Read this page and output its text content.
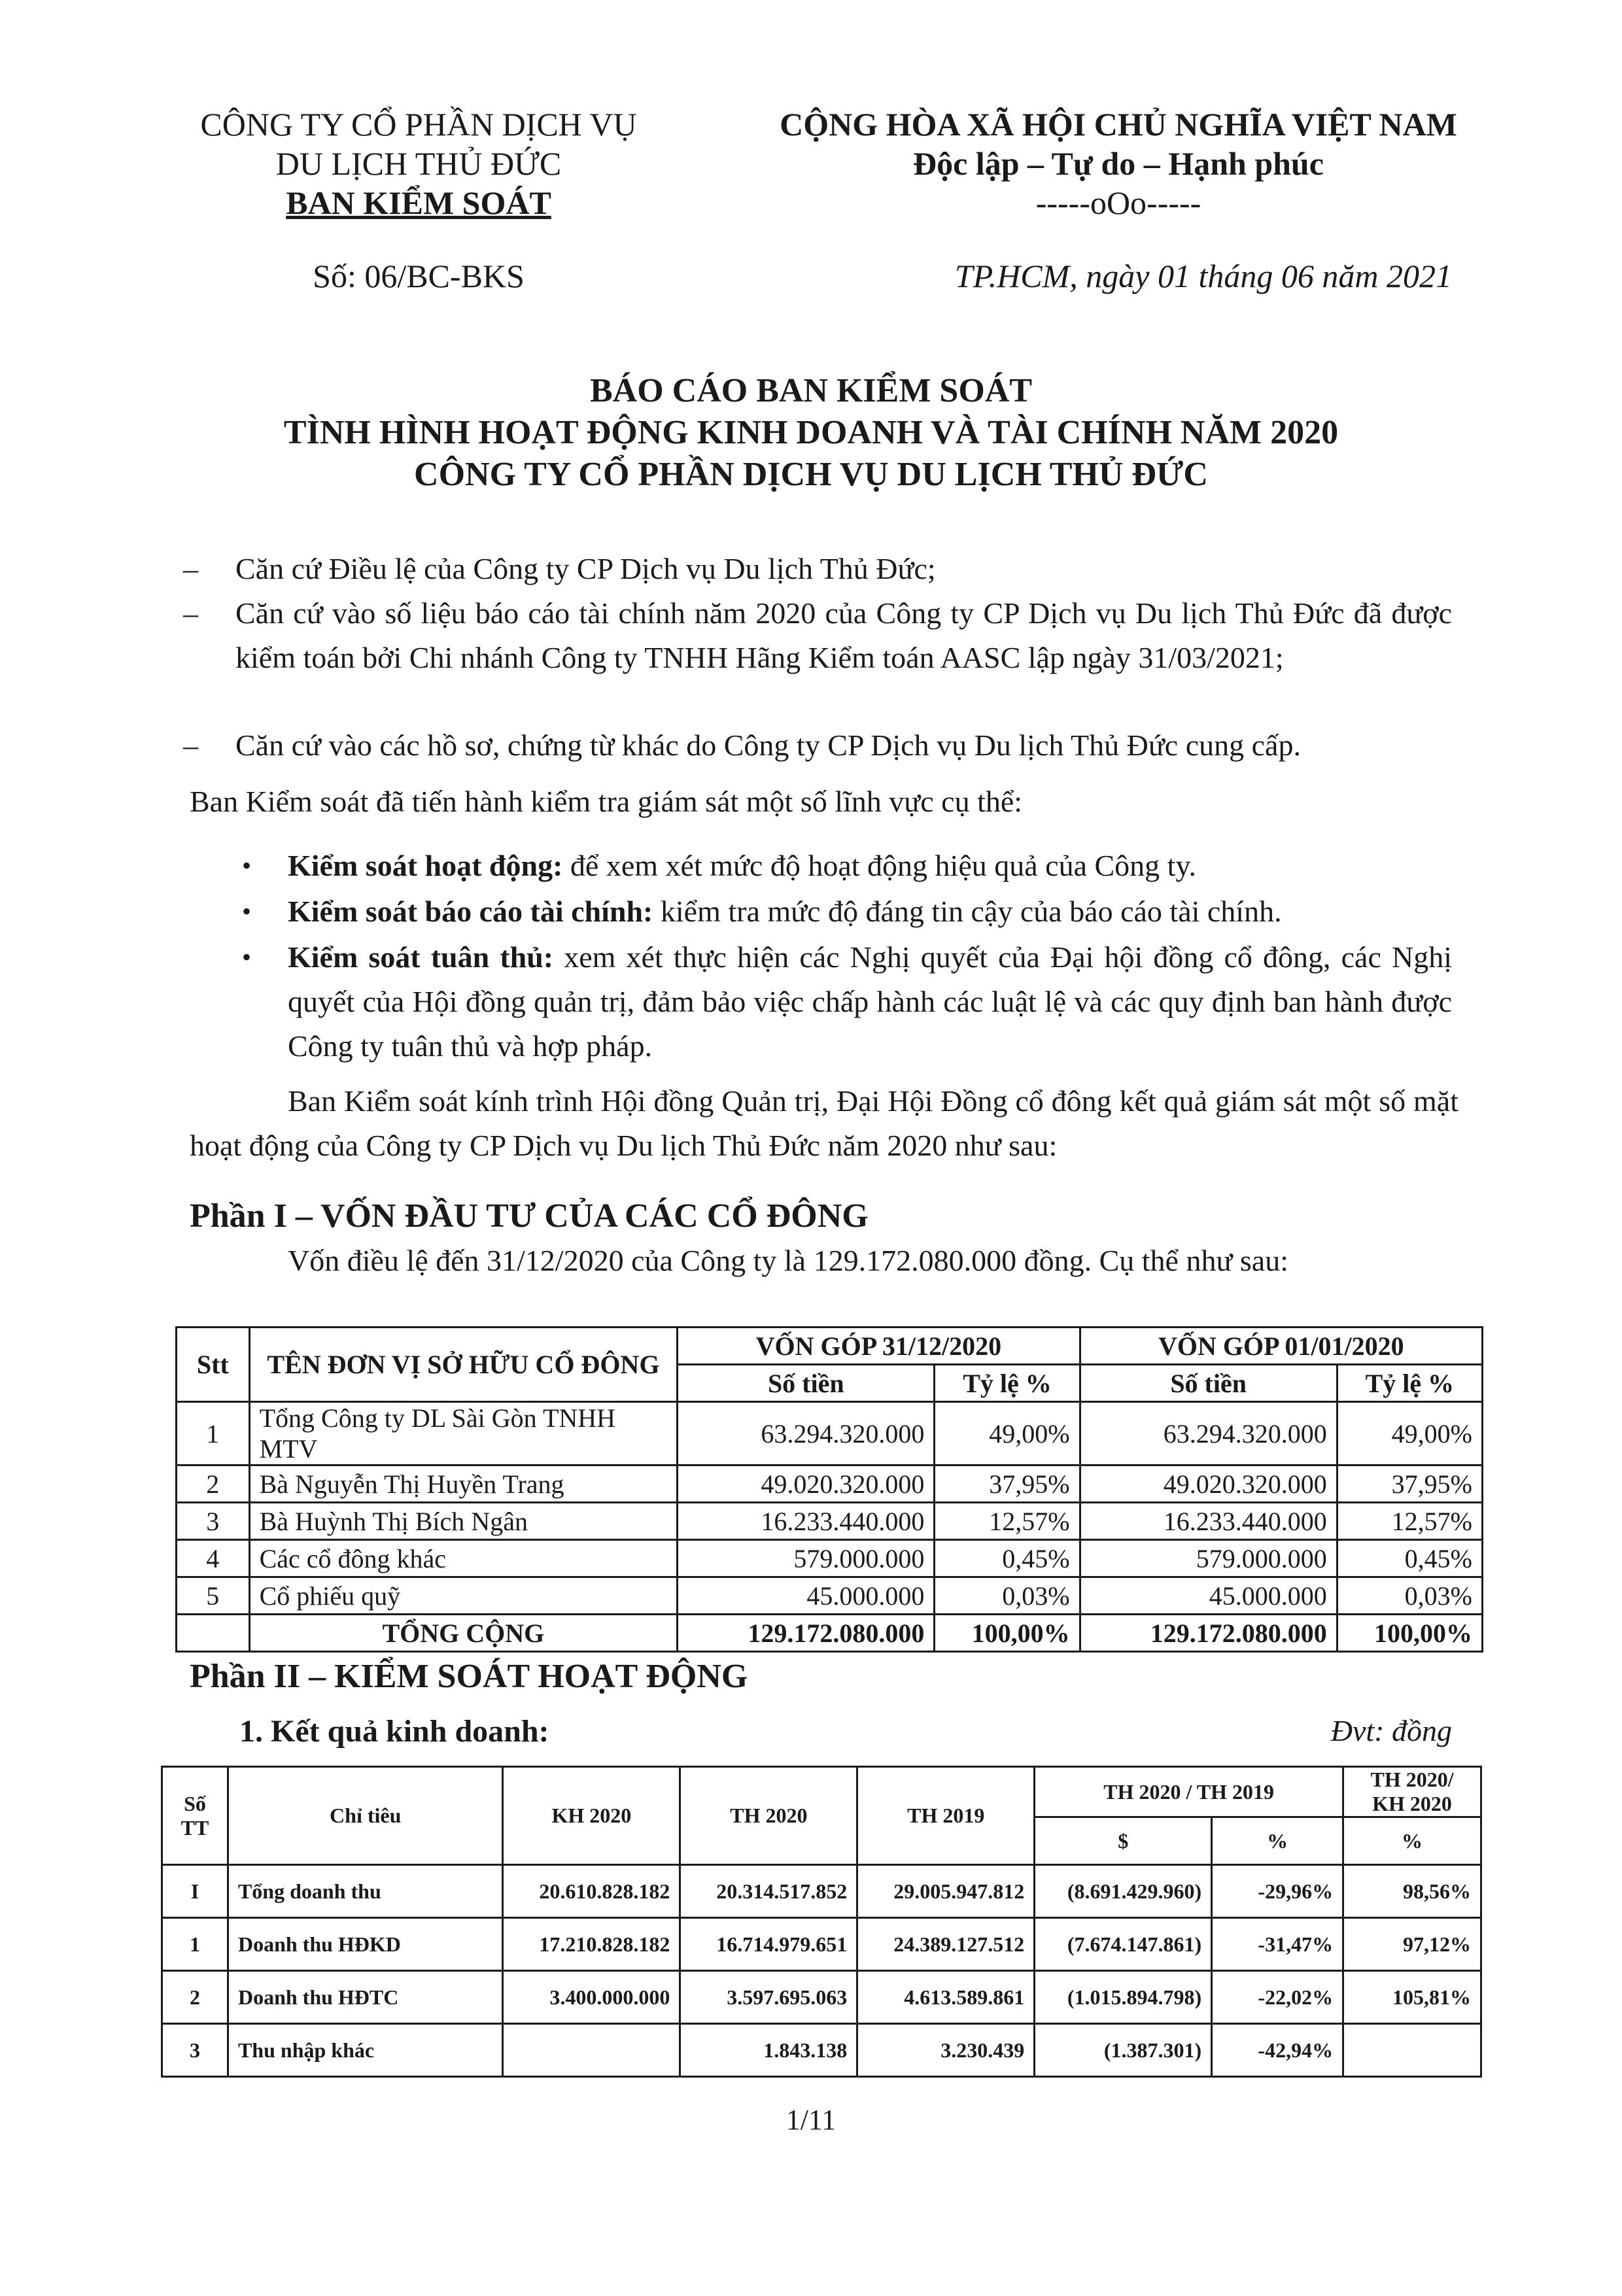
CÔNG TY CỔ PHẦN DỊCH VỤ
DU LỊCH THỦ ĐỨC
BAN KIỂM SOÁT
CỘNG HÒA XÃ HỘI CHỦ NGHĨA VIỆT NAM
Độc lập – Tự do – Hạnh phúc
-----oOo-----
Số: 06/BC-BKS	TP.HCM, ngày 01 tháng 06 năm 2021
BÁO CÁO BAN KIỂM SOÁT
TÌNH HÌNH HOẠT ĐỘNG KINH DOANH VÀ TÀI CHÍNH NĂM 2020
CÔNG TY CỔ PHẦN DỊCH VỤ DU LỊCH THỦ ĐỨC
– Căn cứ Điều lệ của Công ty CP Dịch vụ Du lịch Thủ Đức;
– Căn cứ vào số liệu báo cáo tài chính năm 2020 của Công ty CP Dịch vụ Du lịch Thủ Đức đã được kiểm toán bởi Chi nhánh Công ty TNHH Hãng Kiểm toán AASC lập ngày 31/03/2021;
– Căn cứ vào các hồ sơ, chứng từ khác do Công ty CP Dịch vụ Du lịch Thủ Đức cung cấp.
Ban Kiểm soát đã tiến hành kiểm tra giám sát một số lĩnh vực cụ thể:
• Kiểm soát hoạt động: để xem xét mức độ hoạt động hiệu quả của Công ty.
• Kiểm soát báo cáo tài chính: kiểm tra mức độ đáng tin cậy của báo cáo tài chính.
• Kiểm soát tuân thủ: xem xét thực hiện các Nghị quyết của Đại hội đồng cổ đông, các Nghị quyết của Hội đồng quản trị, đảm bảo việc chấp hành các luật lệ và các quy định ban hành được Công ty tuân thủ và hợp pháp.
Ban Kiểm soát kính trình Hội đồng Quản trị, Đại Hội Đồng cổ đông kết quả giám sát một số mặt hoạt động của Công ty CP Dịch vụ Du lịch Thủ Đức năm 2020 như sau:
Phần I – VỐN ĐẦU TƯ CỦA CÁC CỔ ĐÔNG
Vốn điều lệ đến 31/12/2020 của Công ty là 129.172.080.000 đồng. Cụ thể như sau:
Stt	TÊN ĐƠN VỊ SỞ HỮU CỔ ĐÔNG	VỐN GÓP 31/12/2020		VỐN GÓP 01/01/2020	
		Số tiền	Tỷ lệ %	Số tiền	Tỷ lệ %
1	Tổng Công ty DL Sài Gòn TNHH MTV	63.294.320.000	49,00%	63.294.320.000	49,00%
2	Bà Nguyễn Thị Huyền Trang	49.020.320.000	37,95%	49.020.320.000	37,95%
3	Bà Huỳnh Thị Bích Ngân	16.233.440.000	12,57%	16.233.440.000	12,57%
4	Các cổ đông khác	579.000.000	0,45%	579.000.000	0,45%
5	Cổ phiếu quỹ	45.000.000	0,03%	45.000.000	0,03%
	TỔNG CỘNG	129.172.080.000	100,00%	129.172.080.000	100,00%
Phần II – KIỂM SOÁT HOẠT ĐỘNG
1. Kết quả kinh doanh:	Đvt: đồng
Số TT	Chỉ tiêu	KH 2020	TH 2020	TH 2019	TH 2020 / TH 2019		TH 2020/ KH 2020
					$	%	%
I	Tổng doanh thu	20.610.828.182	20.314.517.852	29.005.947.812	(8.691.429.960)	-29,96%	98,56%
1	Doanh thu HĐKD	17.210.828.182	16.714.979.651	24.389.127.512	(7.674.147.861)	-31,47%	97,12%
2	Doanh thu HĐTC	3.400.000.000	3.597.695.063	4.613.589.861	(1.015.894.798)	-22,02%	105,81%
3	Thu nhập khác		1.843.138	3.230.439	(1.387.301)	-42,94%	
1/11
